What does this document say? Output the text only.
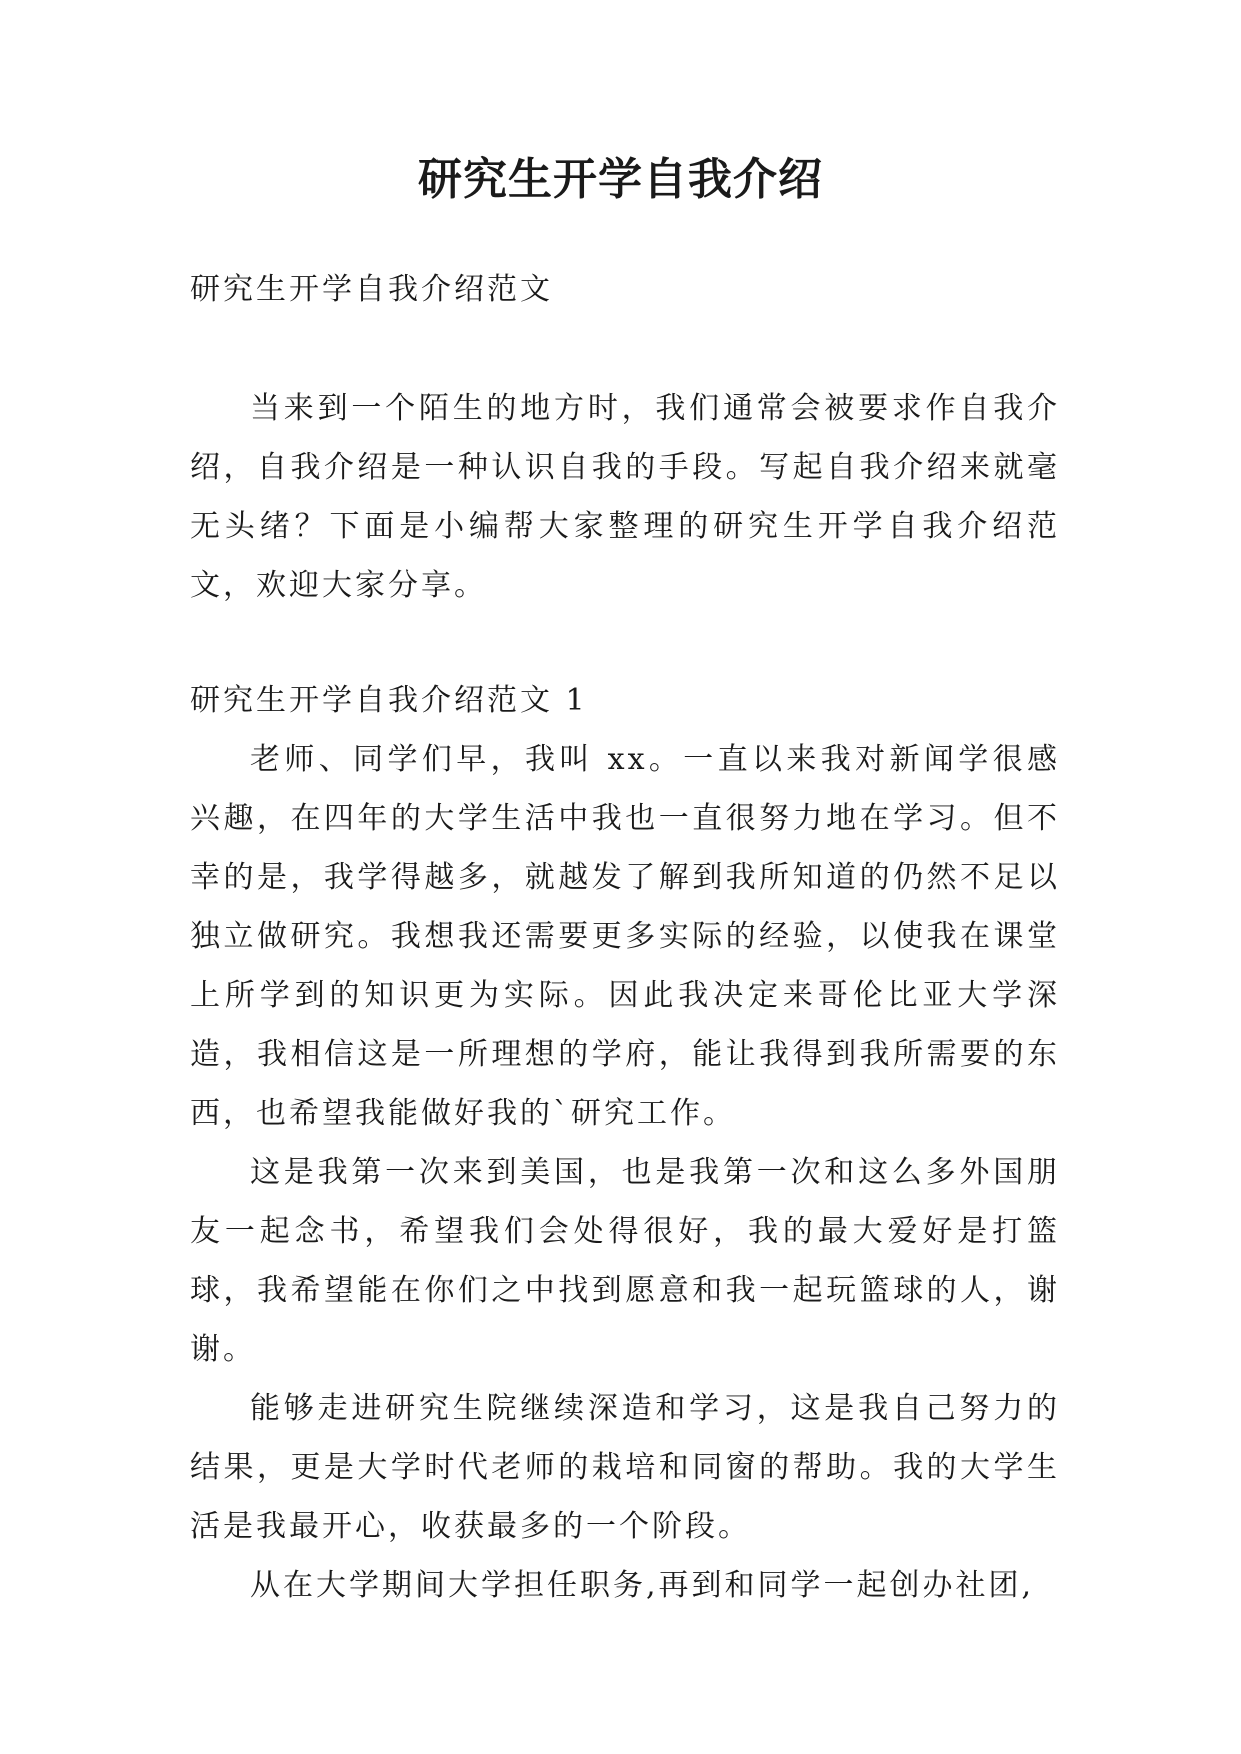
研究生开学自我介绍

研究生开学自我介绍范文

当来到一个陌生的地方时，我们通常会被要求作自我介绍，自我介绍是一种认识自我的手段。写起自我介绍来就毫无头绪？下面是小编帮大家整理的研究生开学自我介绍范文，欢迎大家分享。

研究生开学自我介绍范文 1

老师、同学们早，我叫 xx。一直以来我对新闻学很感兴趣，在四年的大学生活中我也一直很努力地在学习。但不幸的是，我学得越多，就越发了解到我所知道的仍然不足以独立做研究。我想我还需要更多实际的经验，以使我在课堂上所学到的知识更为实际。因此我决定来哥伦比亚大学深造，我相信这是一所理想的学府，能让我得到我所需要的东西，也希望我能做好我的`研究工作。

这是我第一次来到美国，也是我第一次和这么多外国朋友一起念书，希望我们会处得很好，我的最大爱好是打篮球，我希望能在你们之中找到愿意和我一起玩篮球的人，谢谢。

能够走进研究生院继续深造和学习，这是我自己努力的结果，更是大学时代老师的栽培和同窗的帮助。我的大学生活是我最开心，收获最多的一个阶段。

从在大学期间大学担任职务,再到和同学一起创办社团,
